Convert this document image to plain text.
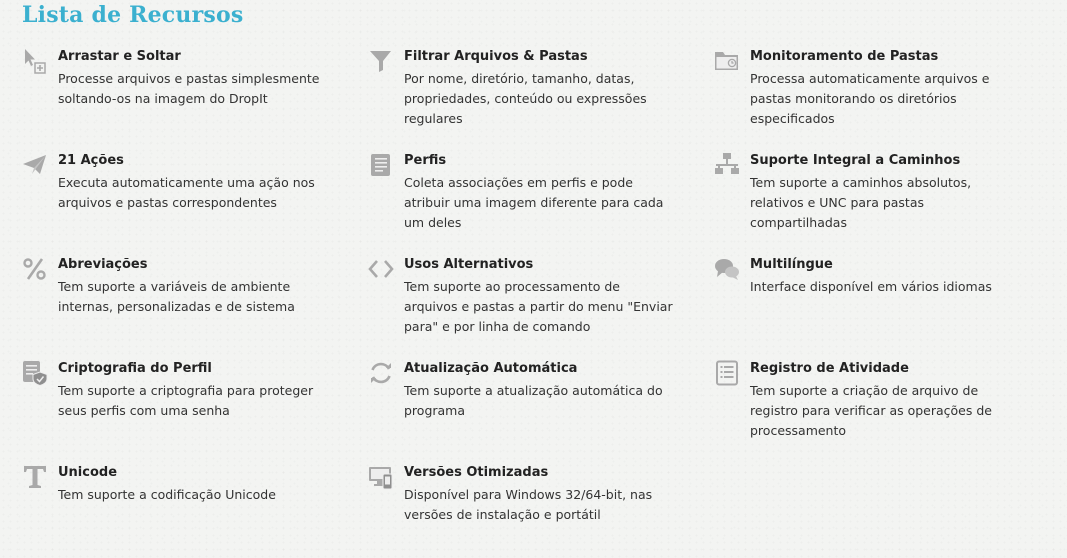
Lista de Recursos

Arrastar e Soltar

Processe arquivos e pastas simplesmente soltando-os na imagem do DropIt

Filtrar Arquivos & Pastas

Por nome, diretório, tamanho, datas, propriedades, conteúdo ou expressões regulares

Monitoramento de Pastas

Processa automaticamente arquivos e pastas monitorando os diretórios especificados

21 Ações

Executa automaticamente uma ação nos arquivos e pastas correspondentes

Perfis

Coleta associações em perfis e pode atribuir uma imagem diferente para cada um deles

Suporte Integral a Caminhos

Tem suporte a caminhos absolutos, relativos e UNC para pastas compartilhadas

Abreviações

Tem suporte a variáveis de ambiente internas, personalizadas e de sistema

Usos Alternativos

Tem suporte ao processamento de arquivos e pastas a partir do menu "Enviar para" e por linha de comando

Multilíngue

Interface disponível em vários idiomas

Criptografia do Perfil

Tem suporte a criptografia para proteger seus perfis com uma senha

Atualização Automática

Tem suporte a atualização automática do programa

Registro de Atividade

Tem suporte a criação de arquivo de registro para verificar as operações de processamento

Unicode

Tem suporte a codificação Unicode

Versões Otimizadas

Disponível para Windows 32/64-bit, nas versões de instalação e portátil
